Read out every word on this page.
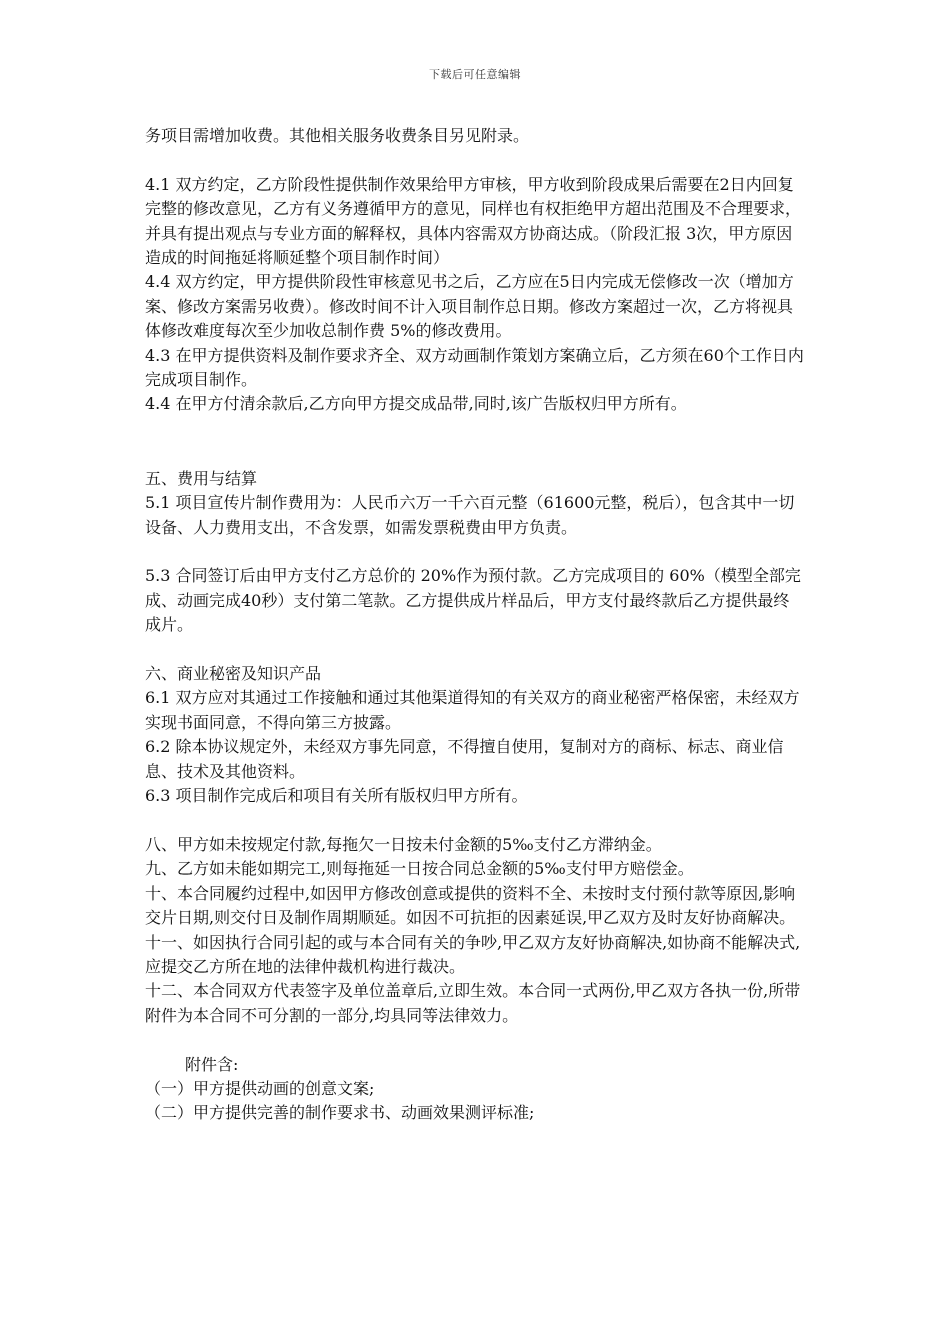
下载后可任意编辑

务项目需增加收费。其他相关服务收费条目另见附录。

4.1 双方约定，乙方阶段性提供制作效果给甲方审核，甲方收到阶段成果后需要在2日内回复完整的修改意见，乙方有义务遵循甲方的意见，同样也有权拒绝甲方超出范围及不合理要求，并具有提出观点与专业方面的解释权，具体内容需双方协商达成。（阶段汇报 3次，甲方原因造成的时间拖延将顺延整个项目制作时间）

4.4 双方约定，甲方提供阶段性审核意见书之后，乙方应在5日内完成无偿修改一次（增加方案、修改方案需另收费）。修改时间不计入项目制作总日期。修改方案超过一次，乙方将视具体修改难度每次至少加收总制作费 5%的修改费用。

4.3 在甲方提供资料及制作要求齐全、双方动画制作策划方案确立后，乙方须在60个工作日内完成项目制作。

4.4 在甲方付清余款后,乙方向甲方提交成品带,同时,该广告版权归甲方所有。

五、费用与结算

5.1 项目宣传片制作费用为：人民币六万一千六百元整（61600元整，税后），包含其中一切设备、人力费用支出，不含发票，如需发票税费由甲方负责。

5.3 合同签订后由甲方支付乙方总价的 20%作为预付款。乙方完成项目的 60%（模型全部完成、动画完成40秒）支付第二笔款。乙方提供成片样品后，甲方支付最终款后乙方提供最终成片。

六、商业秘密及知识产品

6.1 双方应对其通过工作接触和通过其他渠道得知的有关双方的商业秘密严格保密，未经双方实现书面同意，不得向第三方披露。

6.2 除本协议规定外，未经双方事先同意，不得擅自使用，复制对方的商标、标志、商业信息、技术及其他资料。

6.3 项目制作完成后和项目有关所有版权归甲方所有。

八、甲方如未按规定付款,每拖欠一日按未付金额的5‰支付乙方滞纳金。

九、乙方如未能如期完工,则每拖延一日按合同总金额的5‰支付甲方赔偿金。

十、本合同履约过程中,如因甲方修改创意或提供的资料不全、未按时支付预付款等原因,影响交片日期,则交付日及制作周期顺延。如因不可抗拒的因素延误,甲乙双方及时友好协商解决。

十一、如因执行合同引起的或与本合同有关的争吵,甲乙双方友好协商解决,如协商不能解决式,应提交乙方所在地的法律仲裁机构进行裁决。

十二、本合同双方代表签字及单位盖章后,立即生效。本合同一式两份,甲乙双方各执一份,所带附件为本合同不可分割的一部分,均具同等法律效力。

附件含:

（一）甲方提供动画的创意文案;

（二）甲方提供完善的制作要求书、动画效果测评标准;
